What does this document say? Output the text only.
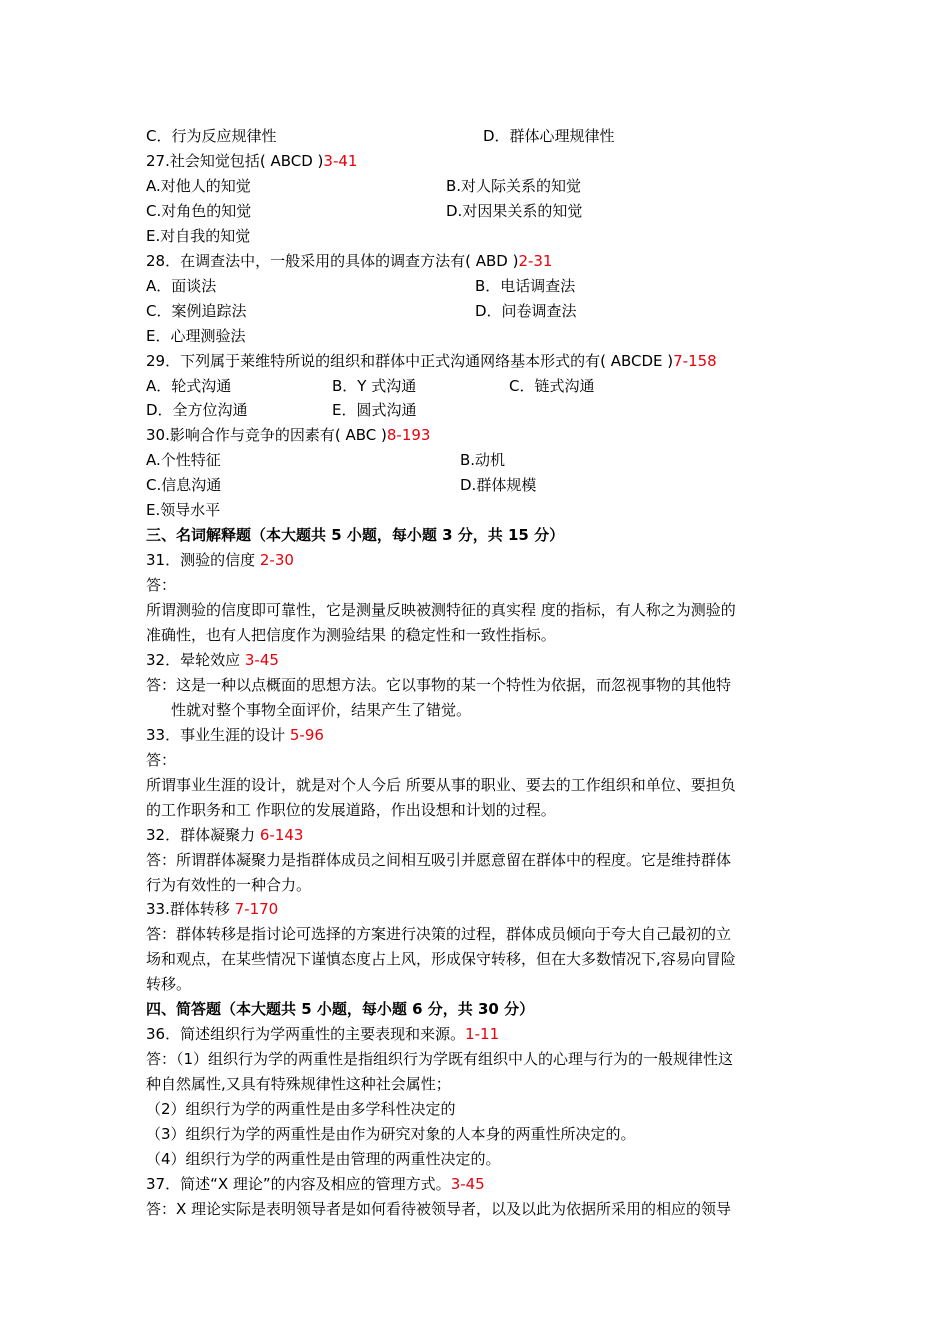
C．行为反应规律性	D．群体心理规律性
27.社会知觉包括( ABCD )3-41
A.对他人的知觉	B.对人际关系的知觉
C.对角色的知觉	D.对因果关系的知觉
E.对自我的知觉
28．在调查法中，一般采用的具体的调查方法有( ABD )2-31
A．面谈法	B．电话调查法
C．案例追踪法	D．问卷调查法
E．心理测验法
29．下列属于莱维特所说的组织和群体中正式沟通网络基本形式的有( ABCDE )7-158
A．轮式沟通	B．Y 式沟通	C．链式沟通
D．全方位沟通	E．圆式沟通
30.影响合作与竞争的因素有( ABC )8-193
A.个性特征	B.动机
C.信息沟通	D.群体规模
E.领导水平
三、名词解释题（本大题共 5 小题，每小题 3 分，共 15 分）
31．测验的信度 2-30
答：
所谓测验的信度即可靠性，它是测量反映被测特征的真实程 度的指标，有人称之为测验的
准确性，也有人把信度作为测验结果 的稳定性和一致性指标。
32．晕轮效应 3-45
答：这是一种以点概面的思想方法。它以事物的某一个特性为依据，而忽视事物的其他特
性就对整个事物全面评价，结果产生了错觉。
33．事业生涯的设计 5-96
答：
所谓事业生涯的设计，就是对个人今后 所要从事的职业、要去的工作组织和单位、要担负
的工作职务和工 作职位的发展道路，作出设想和计划的过程。
32．群体凝聚力 6-143
答：所谓群体凝聚力是指群体成员之间相互吸引并愿意留在群体中的程度。它是维持群体
行为有效性的一种合力。
33.群体转移 7-170
答：群体转移是指讨论可选择的方案进行决策的过程，群体成员倾向于夸大自己最初的立
场和观点，在某些情况下谨慎态度占上风，形成保守转移，但在大多数情况下,容易向冒险
转移。
四、简答题（本大题共 5 小题，每小题 6 分，共 30 分）
36．简述组织行为学两重性的主要表现和来源。1-11
答：（1）组织行为学的两重性是指组织行为学既有组织中人的心理与行为的一般规律性这
种自然属性,又具有特殊规律性这种社会属性；
（2）组织行为学的两重性是由多学科性决定的
（3）组织行为学的两重性是由作为研究对象的人本身的两重性所决定的。
（4）组织行为学的两重性是由管理的两重性决定的。
37．简述“X 理论”的内容及相应的管理方式。3-45
答：X 理论实际是表明领导者是如何看待被领导者，以及以此为依据所采用的相应的领导
